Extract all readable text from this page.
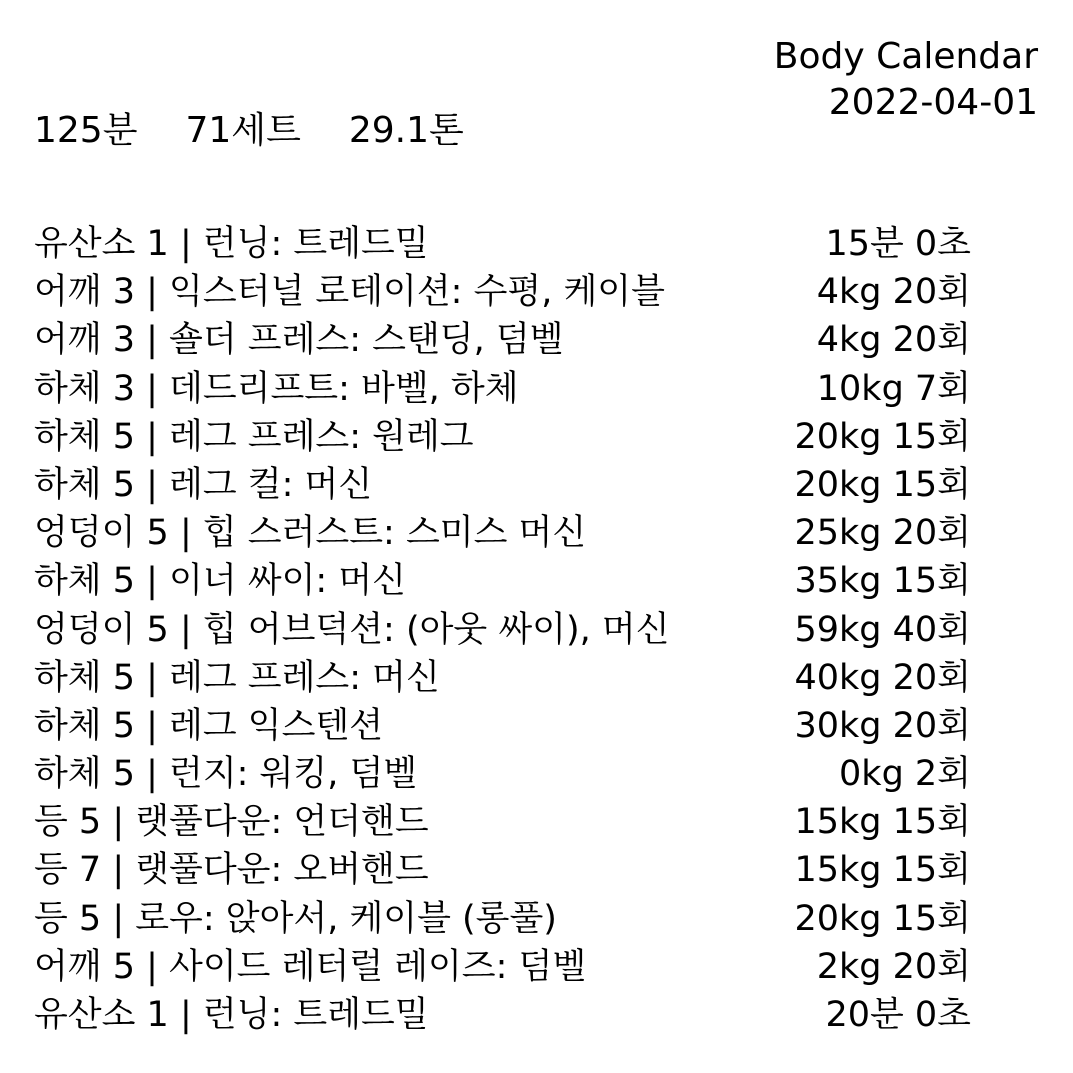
Body Calendar
2022-04-01
125분 71세트 29.1톤
유산소 1 | 런닝: 트레드밀	15분 0초
어깨 3 | 익스터널 로테이션: 수평, 케이블	4kg 20회
어깨 3 | 숄더 프레스: 스탠딩, 덤벨	4kg 20회
하체 3 | 데드리프트: 바벨, 하체	10kg 7회
하체 5 | 레그 프레스: 원레그	20kg 15회
하체 5 | 레그 컬: 머신	20kg 15회
엉덩이 5 | 힙 스러스트: 스미스 머신	25kg 20회
하체 5 | 이너 싸이: 머신	35kg 15회
엉덩이 5 | 힙 어브덕션: (아웃 싸이), 머신	59kg 40회
하체 5 | 레그 프레스: 머신	40kg 20회
하체 5 | 레그 익스텐션	30kg 20회
하체 5 | 런지: 워킹, 덤벨	0kg 2회
등 5 | 랫풀다운: 언더핸드	15kg 15회
등 7 | 랫풀다운: 오버핸드	15kg 15회
등 5 | 로우: 앉아서, 케이블 (롱풀)	20kg 15회
어깨 5 | 사이드 레터럴 레이즈: 덤벨	2kg 20회
유산소 1 | 런닝: 트레드밀	20분 0초
